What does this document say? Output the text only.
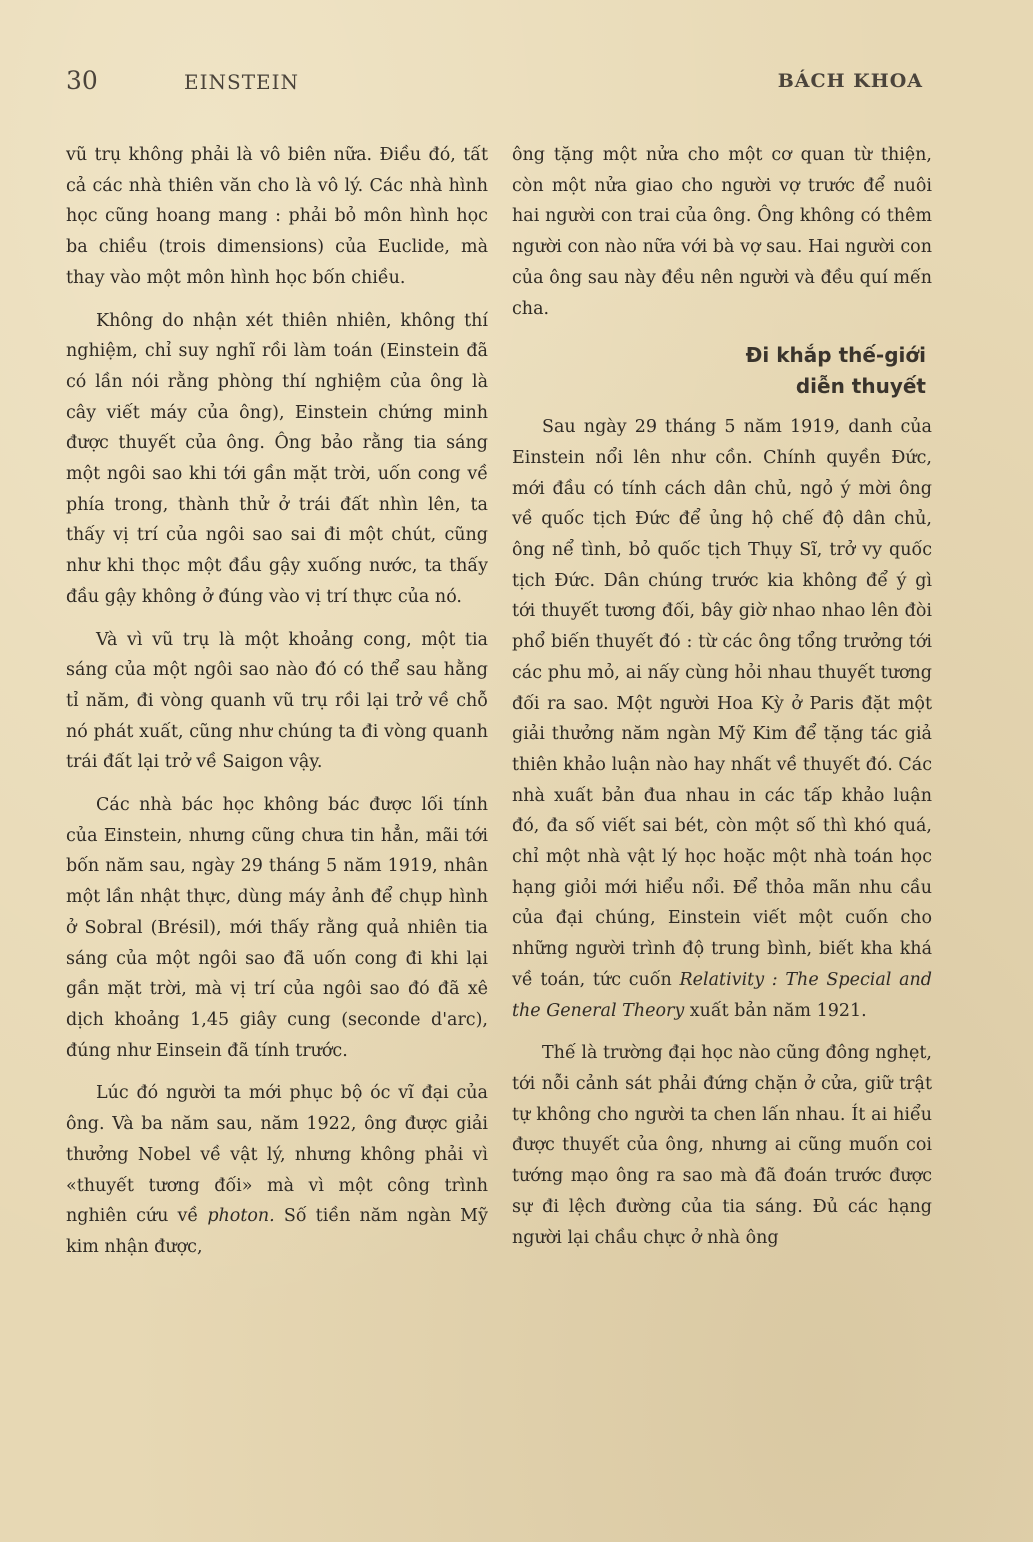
30	EINSTEIN	BÁCH KHOA

vũ trụ không phải là vô biên nữa. Điều đó, tất cả các nhà thiên văn cho là vô lý. Các nhà hình học cũng hoang mang : phải bỏ môn hình học ba chiều (trois dimensions) của Euclide, mà thay vào một môn hình học bốn chiều.

Không do nhận xét thiên nhiên, không thí nghiệm, chỉ suy nghĩ rồi làm toán (Einstein đã có lần nói rằng phòng thí nghiệm của ông là cây viết máy của ông), Einstein chứng minh được thuyết của ông. Ông bảo rằng tia sáng một ngôi sao khi tới gần mặt trời, uốn cong về phía trong, thành thử ở trái đất nhìn lên, ta thấy vị trí của ngôi sao sai đi một chút, cũng như khi thọc một đầu gậy xuống nước, ta thấy đầu gậy không ở đúng vào vị trí thực của nó.

Và vì vũ trụ là một khoảng cong, một tia sáng của một ngôi sao nào đó có thể sau hằng tỉ năm, đi vòng quanh vũ trụ rồi lại trở về chỗ nó phát xuất, cũng như chúng ta đi vòng quanh trái đất lại trở về Saigon vậy.

Các nhà bác học không bác được lối tính của Einstein, nhưng cũng chưa tin hẳn, mãi tới bốn năm sau, ngày 29 tháng 5 năm 1919, nhân một lần nhật thực, dùng máy ảnh để chụp hình ở Sobral (Brésil), mới thấy rằng quả nhiên tia sáng của một ngôi sao đã uốn cong đi khi lại gần mặt trời, mà vị trí của ngôi sao đó đã xê dịch khoảng 1,45 giây cung (seconde d'arc), đúng như Einsein đã tính trước.

Lúc đó người ta mới phục bộ óc vĩ đại của ông. Và ba năm sau, năm 1922, ông được giải thưởng Nobel về vật lý, nhưng không phải vì «thuyết tương đối» mà vì một công trình nghiên cứu về photon. Số tiền năm ngàn Mỹ kim nhận được,

ông tặng một nửa cho một cơ quan từ thiện, còn một nửa giao cho người vợ trước để nuôi hai người con trai của ông. Ông không có thêm người con nào nữa với bà vợ sau. Hai người con của ông sau này đều nên người và đều quí mến cha.

Đi khắp thế-giới
diễn thuyết

Sau ngày 29 tháng 5 năm 1919, danh của Einstein nổi lên như cồn. Chính quyền Đức, mới đầu có tính cách dân chủ, ngỏ ý mời ông về quốc tịch Đức để ủng hộ chế độ dân chủ, ông nể tình, bỏ quốc tịch Thụy Sĩ, trở vy quốc tịch Đức. Dân chúng trước kia không để ý gì tới thuyết tương đối, bây giờ nhao nhao lên đòi phổ biến thuyết đó : từ các ông tổng trưởng tới các phu mỏ, ai nấy cùng hỏi nhau thuyết tương đối ra sao. Một người Hoa Kỳ ở Paris đặt một giải thưởng năm ngàn Mỹ Kim để tặng tác giả thiên khảo luận nào hay nhất về thuyết đó. Các nhà xuất bản đua nhau in các tấp khảo luận đó, đa số viết sai bét, còn một số thì khó quá, chỉ một nhà vật lý học hoặc một nhà toán học hạng giỏi mới hiểu nổi. Để thỏa mãn nhu cầu của đại chúng, Einstein viết một cuốn cho những người trình độ trung bình, biết kha khá về toán, tức cuốn Relativity : The Special and the General Theory xuất bản năm 1921.

Thế là trường đại học nào cũng đông nghẹt, tới nỗi cảnh sát phải đứng chặn ở cửa, giữ trật tự không cho người ta chen lấn nhau. Ít ai hiểu được thuyết của ông, nhưng ai cũng muốn coi tướng mạo ông ra sao mà đã đoán trước được sự đi lệch đường của tia sáng. Đủ các hạng người lại chầu chực ở nhà ông
